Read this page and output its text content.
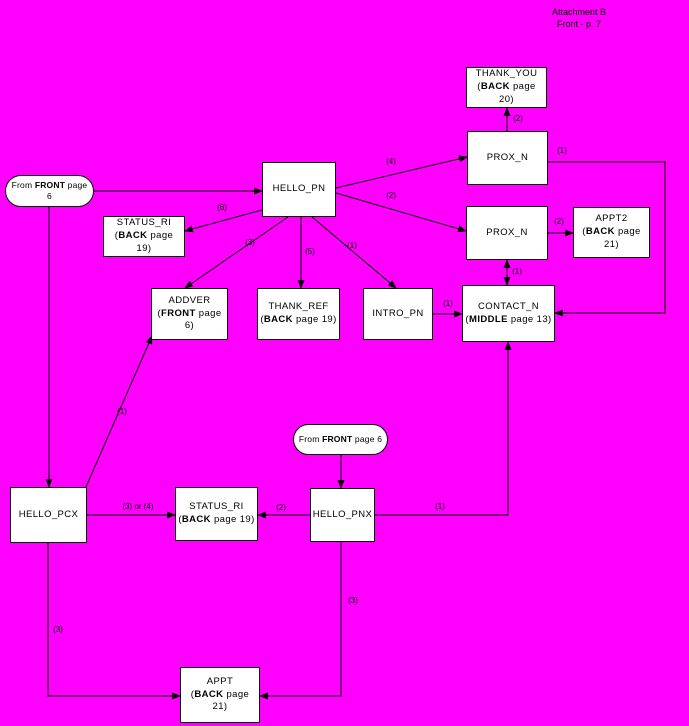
(6)
(3)
(5)
(1)
(4)
(2)
(2)
(1)
(1)
(2)
(1)
(1)
(3) or (4)	(2)	(1)
(3)
(3)
From FRONT page 6
HELLO_PN
STATUS_RI
(BACK page 19)
THANK_YOU
(BACK page 20)
PROX_N
PROX_N
APPT2
(BACK page
21)
ADDVER
(FRONT page 6)
THANK_REF
(BACK page 19)
INTRO_PN
CONTACT_N
(MIDDLE page 13)
From FRONT page 6
HELLO_PCX
STATUS_RI
(BACK page 19)	HELLO_PNX
APPT
(BACK page 21)
Attachment B
Front - p. 7
